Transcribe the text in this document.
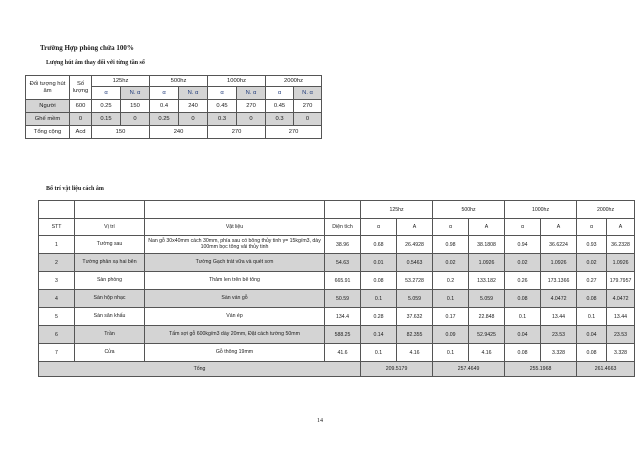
Trường Hợp phòng chứa 100%
Lượng hút âm thay đổi với từng tần số
Bố trí vật liệu cách âm
Đối tượng hút âm	Số lượng	125hz		500hz		1000hz		2000hz	
		α	N. α	α	N. α	α	N. α	α	N. α
Người	600	0.25	150	0.4	240	0.45	270	0.45	270
Ghế mềm	0	0.15	0	0.25	0	0.3	0	0.3	0
Tổng cộng	Acd	150		240		270		270	
				125hz		500hz		1000hz		2000hz	
STT	Vị trí	Vật liệu	Diện tích	α	A	α	A	α	A	α	A
1	Tường sau	Nan gỗ 30x40mm cách 30mm, phía sau có bông thủy tinh γ= 15kg/m3, dày 100mm bọc tông vải thủy tinh	38.96	0.68	26.4928	0.98	38.1808	0.94	36.6224	0.93	36.2328
2	Tường phản xạ hai bên	Tường Gạch trát vữa và quét sơn	54.63	0.01	0.5463	0.02	1.0926	0.02	1.0926	0.02	1.0926
3	Sàn phòng	Thảm len trên bê tông	665.91	0.08	53.2728	0.2	133.182	0.26	173.1366	0.27	179.7957
4	Sàn hộp nhạc	Sàn ván gỗ	50.59	0.1	5.059	0.1	5.059	0.08	4.0472	0.08	4.0472
5	Sàn sân khấu	Ván ép	134.4	0.28	37.632	0.17	22.848	0.1	13.44	0.1	13.44
6	Trần	Tấm sợi gỗ 600kg/m3 dày 20mm, Đặt cách tường 50mm	588.25	0.14	82.355	0.09	52.9425	0.04	23.53	0.04	23.53
7	Cửa	Gỗ thông 19mm	41.6	0.1	4.16	0.1	4.16	0.08	3.328	0.08	3.328
Tổng				209.5179		257.4649		255.1968		261.4663	
14
